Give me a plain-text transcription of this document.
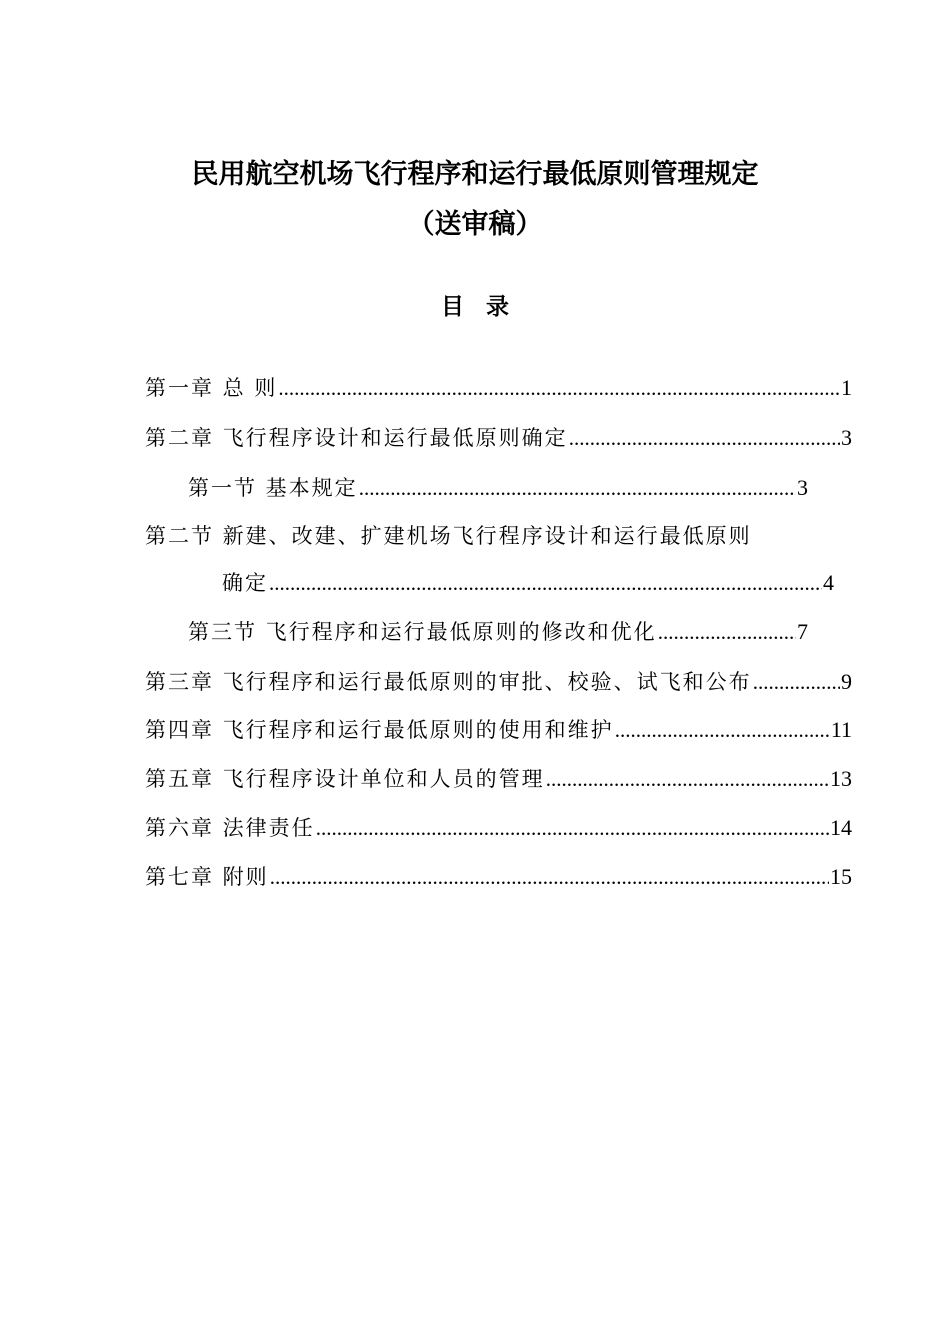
民用航空机场飞行程序和运行最低原则管理规定
（送审稿）
目录
第一章 总 则 .....	1
第二章 飞行程序设计和运行最低原则确定 .....	3
第一节 基本规定 .....	3
第二节 新建、改建、扩建机场飞行程序设计和运行最低原则
确定 .....	4
第三节 飞行程序和运行最低原则的修改和优化 .....	7
第三章 飞行程序和运行最低原则的审批、校验、试飞和公布 .....	9
第四章 飞行程序和运行最低原则的使用和维护 .....	11
第五章 飞行程序设计单位和人员的管理 .....	13
第六章 法律责任 .....	14
第七章 附则 .....	15
